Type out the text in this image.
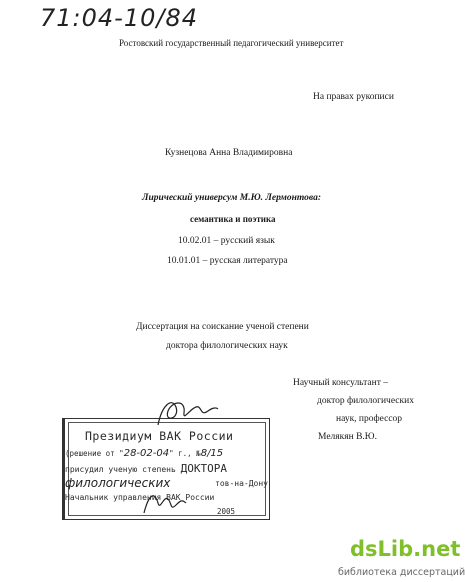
71:04-10/84
Ростовский государственный педагогический университет
На правах рукописи
Кузнецова Анна Владимировна
Лирический универсум М.Ю. Лермонтова:
семантика и поэтика
10.02.01 – русский язык
10.01.01 – русская литература
Диссертация на соискание ученой степени
доктора филологических наук
Научный консультант –
доктор филологических
наук, профессор
Мелякян В.Ю.
Президиум ВАК России
(решение от "28-02-04" г., №8/15
присудил ученую степень ДОКТОРА
филологических	тов-на-Дону
Начальник управления ВАК России
2005
dsLib.net
библиотека диссертаций
